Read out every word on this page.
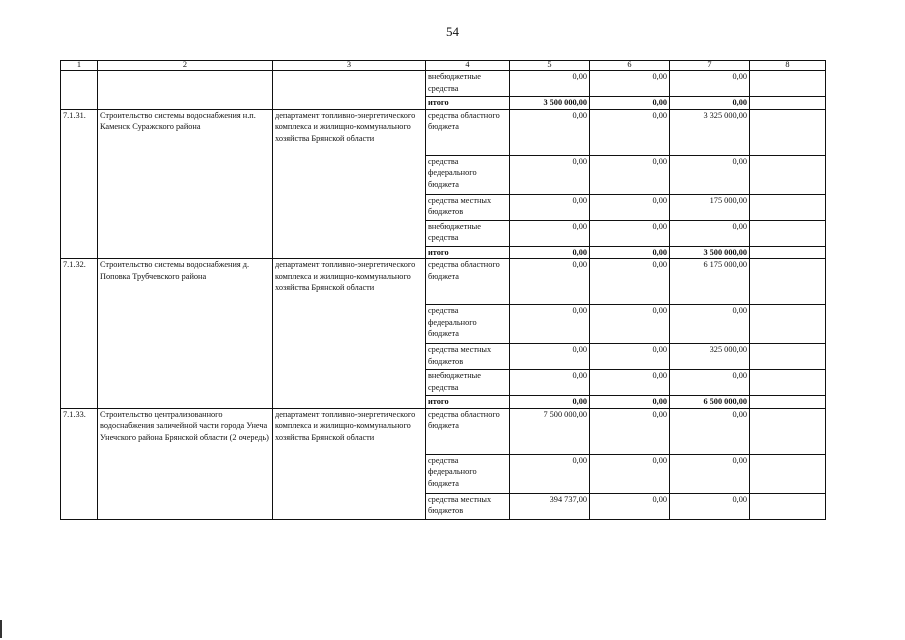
54
1	2	3	4	5	6	7	8
			внебюджетные средства	0,00	0,00	0,00	
			итого	3 500 000,00	0,00	0,00	
7.1.31.	Строительство системы водоснабжения н.п. Каменск Суражского района	департамент топливно-энергетического комплекса и жилищно-коммунального хозяйства Брянской области	средства областного бюджета	0,00	0,00	3 325 000,00	
			средства федерального бюджета	0,00	0,00	0,00	
			средства местных бюджетов	0,00	0,00	175 000,00	
			внебюджетные средства	0,00	0,00	0,00	
			итого	0,00	0,00	3 500 000,00	
7.1.32.	Строительство системы водоснабжения д. Поповка Трубчевского района	департамент топливно-энергетического комплекса и жилищно-коммунального хозяйства Брянской области	средства областного бюджета	0,00	0,00	6 175 000,00	
			средства федерального бюджета	0,00	0,00	0,00	
			средства местных бюджетов	0,00	0,00	325 000,00	
			внебюджетные средства	0,00	0,00	0,00	
			итого	0,00	0,00	6 500 000,00	
7.1.33.	Строительство централизованного водоснабжения заличейной части города Унеча Унечского района Брянской области (2 очередь)	департамент топливно-энергетического комплекса и жилищно-коммунального хозяйства Брянской области	средства областного бюджета	7 500 000,00	0,00	0,00	
			средства федерального бюджета	0,00	0,00	0,00	
			средства местных бюджетов	394 737,00	0,00	0,00	
